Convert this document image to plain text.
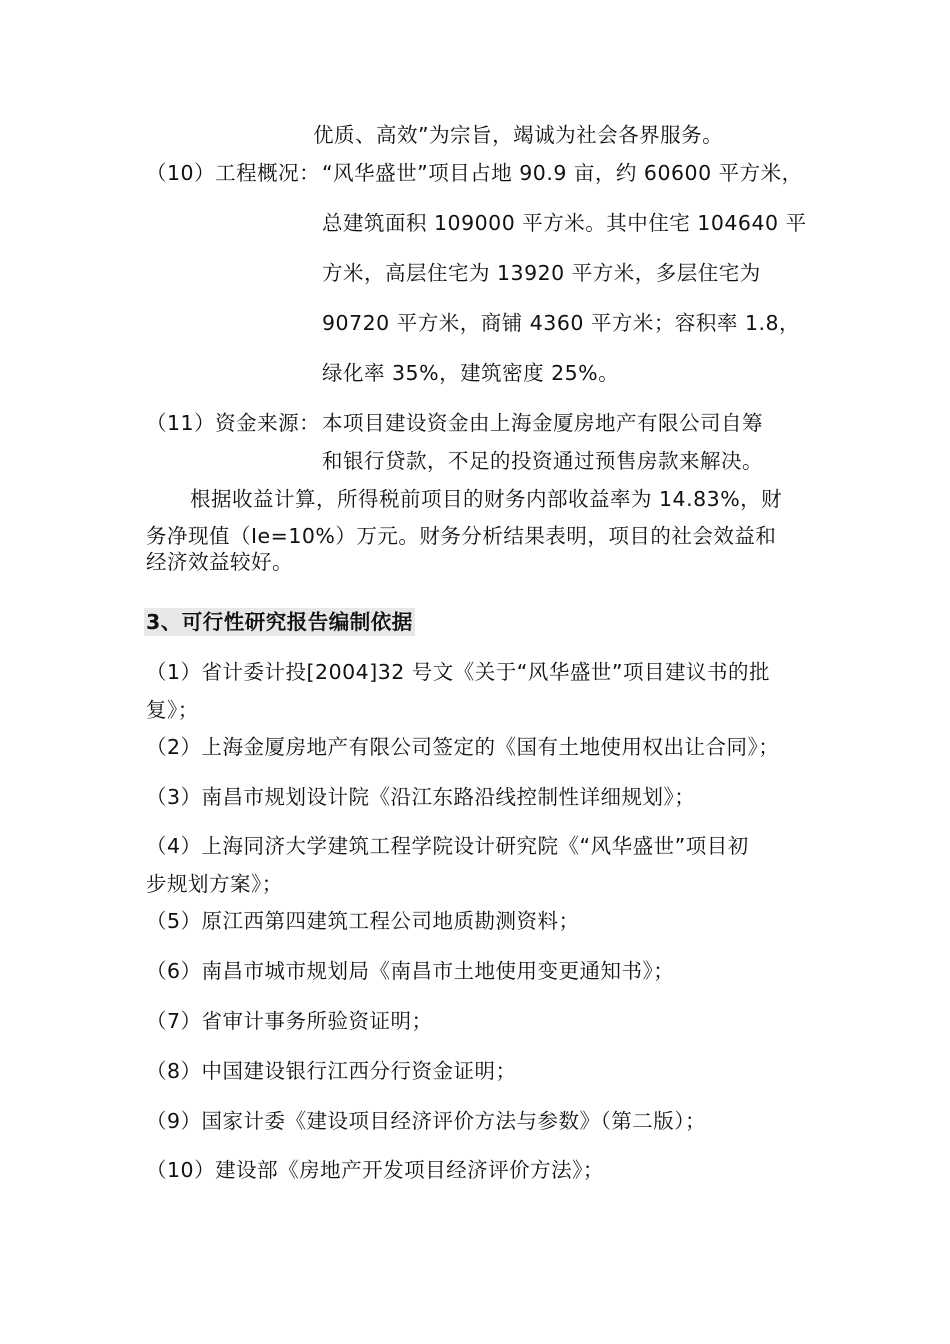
优质、高效”为宗旨，竭诚为社会各界服务。
（10）工程概况： “风华盛世”项目占地 90.9 亩，约 60600 平方米，
总建筑面积 109000 平方米。其中住宅 104640 平
方米，高层住宅为 13920 平方米，多层住宅为
90720 平方米，商铺 4360 平方米；容积率 1.8，
绿化率 35%，建筑密度 25%。
（11）资金来源： 本项目建设资金由上海金厦房地产有限公司自筹
和银行贷款，不足的投资通过预售房款来解决。
根据收益计算，所得税前项目的财务内部收益率为 14.83%，财
务净现值（Ie=10%）万元。财务分析结果表明，项目的社会效益和
经济效益较好。
3、可行性研究报告编制依据
（1）省计委计投[2004]32 号文《关于“风华盛世”项目建议书的批
复》；
（2）上海金厦房地产有限公司签定的《国有土地使用权出让合同》；
（3）南昌市规划设计院《沿江东路沿线控制性详细规划》；
（4）上海同济大学建筑工程学院设计研究院《“风华盛世”项目初
步规划方案》；
（5）原江西第四建筑工程公司地质勘测资料；
（6）南昌市城市规划局《南昌市土地使用变更通知书》；
（7）省审计事务所验资证明；
（8）中国建设银行江西分行资金证明；
（9）国家计委《建设项目经济评价方法与参数》（第二版）；
（10）建设部《房地产开发项目经济评价方法》；
